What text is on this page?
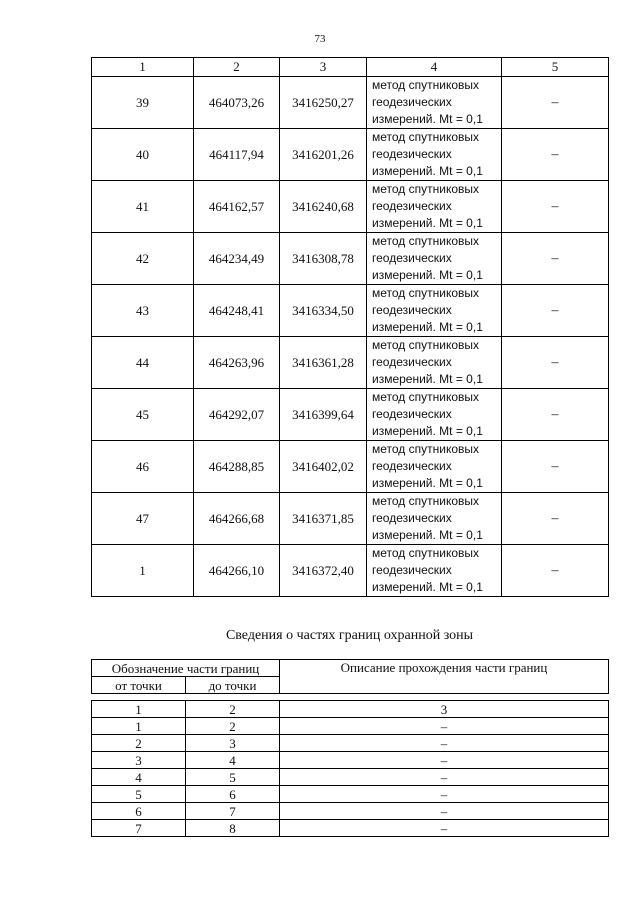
73
1	2	3	4	5
39	464073,26	3416250,27	метод спутниковых
геодезических
измерений. Mt = 0,1	–
40	464117,94	3416201,26	метод спутниковых
геодезических
измерений. Mt = 0,1	–
41	464162,57	3416240,68	метод спутниковых
геодезических
измерений. Mt = 0,1	–
42	464234,49	3416308,78	метод спутниковых
геодезических
измерений. Mt = 0,1	–
43	464248,41	3416334,50	метод спутниковых
геодезических
измерений. Mt = 0,1	–
44	464263,96	3416361,28	метод спутниковых
геодезических
измерений. Mt = 0,1	–
45	464292,07	3416399,64	метод спутниковых
геодезических
измерений. Mt = 0,1	–
46	464288,85	3416402,02	метод спутниковых
геодезических
измерений. Mt = 0,1	–
47	464266,68	3416371,85	метод спутниковых
геодезических
измерений. Mt = 0,1	–
1	464266,10	3416372,40	метод спутниковых
геодезических
измерений. Mt = 0,1	–
Сведения о частях границ охранной зоны
Обозначение части границ		Описание прохождения части границ
от точки	до точки	

1	2	3
1	2	–
2	3	–
3	4	–
4	5	–
5	6	–
6	7	–
7	8	–
